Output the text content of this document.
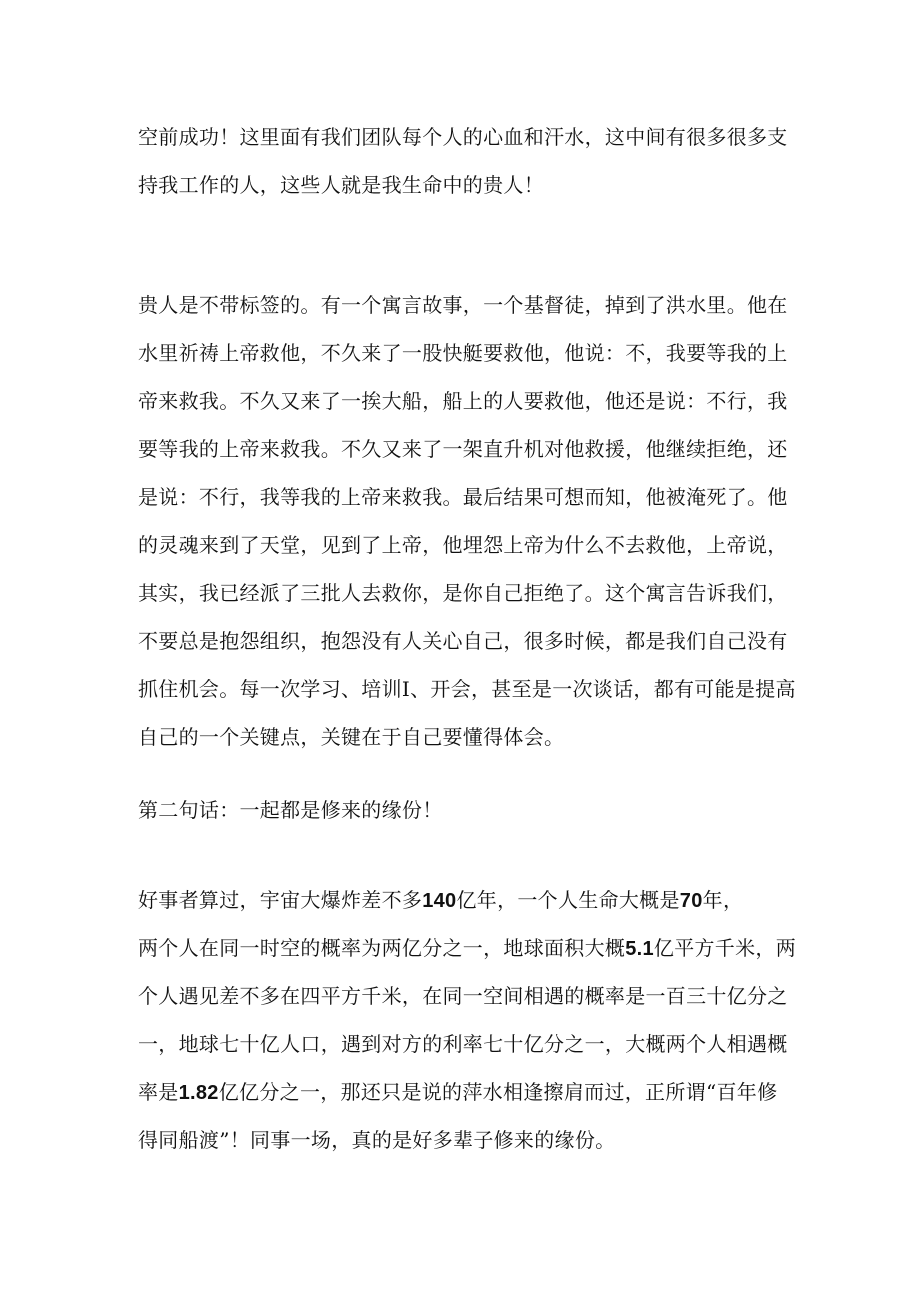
空前成功！这里面有我们团队每个人的心血和汗水，这中间有很多很多支
持我工作的人，这些人就是我生命中的贵人！

贵人是不带标签的。有一个寓言故事，一个基督徒，掉到了洪水里。他在
水里祈祷上帝救他，不久来了一股快艇要救他，他说：不，我要等我的上
帝来救我。不久又来了一挨大船，船上的人要救他，他还是说：不行，我
要等我的上帝来救我。不久又来了一架直升机对他救援，他继续拒绝，还
是说：不行，我等我的上帝来救我。最后结果可想而知，他被淹死了。他
的灵魂来到了天堂，见到了上帝，他埋怨上帝为什么不去救他，上帝说，
其实，我已经派了三批人去救你，是你自己拒绝了。这个寓言告诉我们，
不要总是抱怨组织，抱怨没有人关心自己，很多时候，都是我们自己没有
抓住机会。每一次学习、培训I、开会，甚至是一次谈话，都有可能是提高
自己的一个关键点，关键在于自己要懂得体会。

第二句话：一起都是修来的缘份！

好事者算过，宇宙大爆炸差不多140亿年，一个人生命大概是70年，
两个人在同一时空的概率为两亿分之一，地球面积大概5.1亿平方千米，两
个人遇见差不多在四平方千米，在同一空间相遇的概率是一百三十亿分之
一，地球七十亿人口，遇到对方的利率七十亿分之一，大概两个人相遇概
率是1.82亿亿分之一，那还只是说的萍水相逢擦肩而过，正所谓“百年修
得同船渡”！同事一场，真的是好多辈子修来的缘份。
